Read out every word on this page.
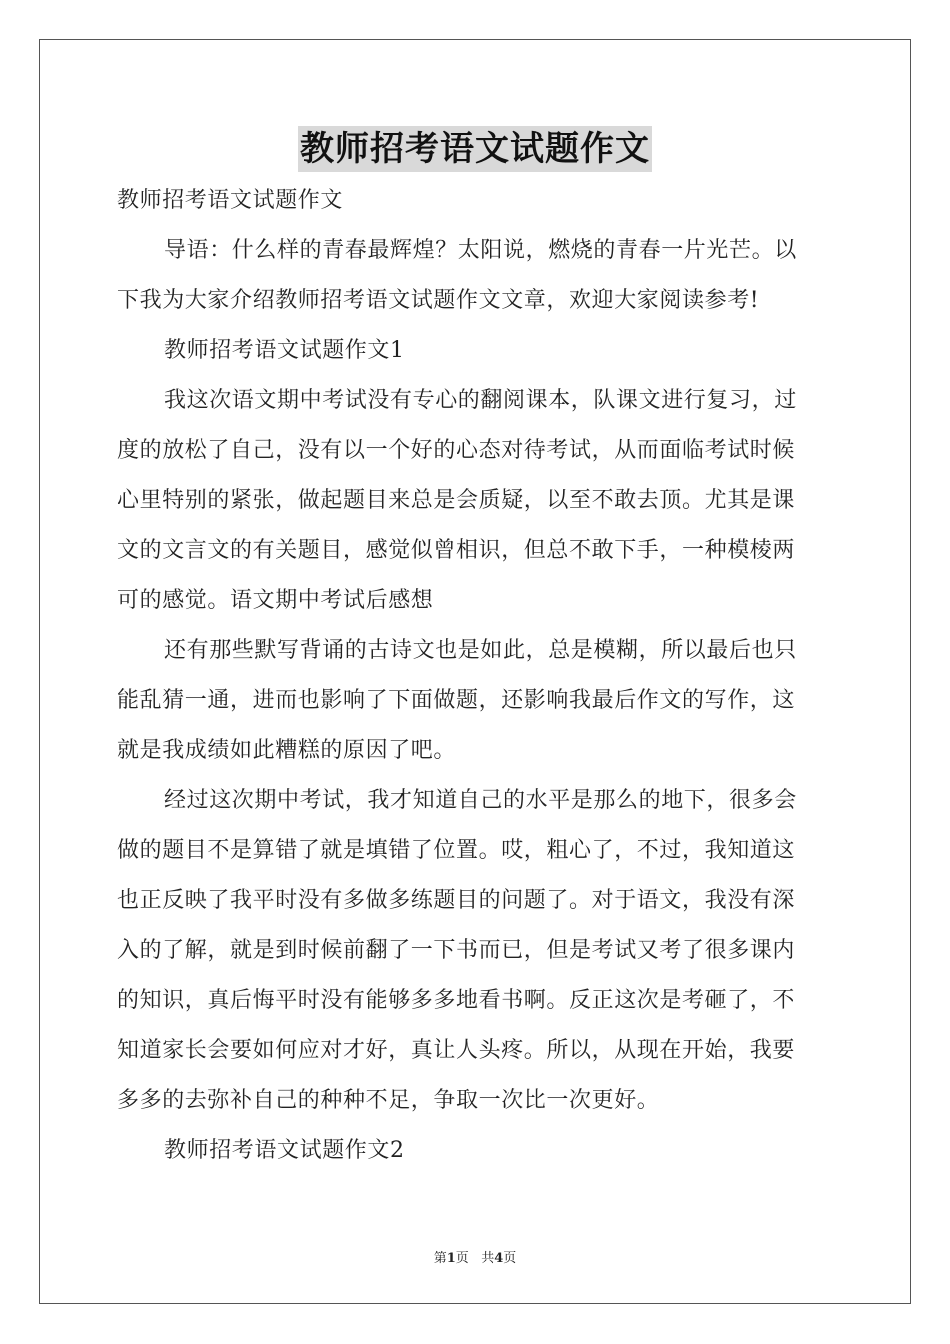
教师招考语文试题作文
教师招考语文试题作文
导语：什么样的青春最辉煌？太阳说，燃烧的青春一片光芒。以
下我为大家介绍教师招考语文试题作文文章，欢迎大家阅读参考!
教师招考语文试题作文1
我这次语文期中考试没有专心的翻阅课本，队课文进行复习，过
度的放松了自己，没有以一个好的心态对待考试，从而面临考试时候
心里特别的紧张，做起题目来总是会质疑，以至不敢去顶。尤其是课
文的文言文的有关题目，感觉似曾相识，但总不敢下手，一种模棱两
可的感觉。语文期中考试后感想
还有那些默写背诵的古诗文也是如此，总是模糊，所以最后也只
能乱猜一通，进而也影响了下面做题，还影响我最后作文的写作，这
就是我成绩如此糟糕的原因了吧。
经过这次期中考试，我才知道自己的水平是那么的地下，很多会
做的题目不是算错了就是填错了位置。哎，粗心了，不过，我知道这
也正反映了我平时没有多做多练题目的问题了。对于语文，我没有深
入的了解，就是到时候前翻了一下书而已，但是考试又考了很多课内
的知识，真后悔平时没有能够多多地看书啊。反正这次是考砸了，不
知道家长会要如何应对才好，真让人头疼。所以，从现在开始，我要
多多的去弥补自己的种种不足，争取一次比一次更好。
教师招考语文试题作文2
第1页 共4页
